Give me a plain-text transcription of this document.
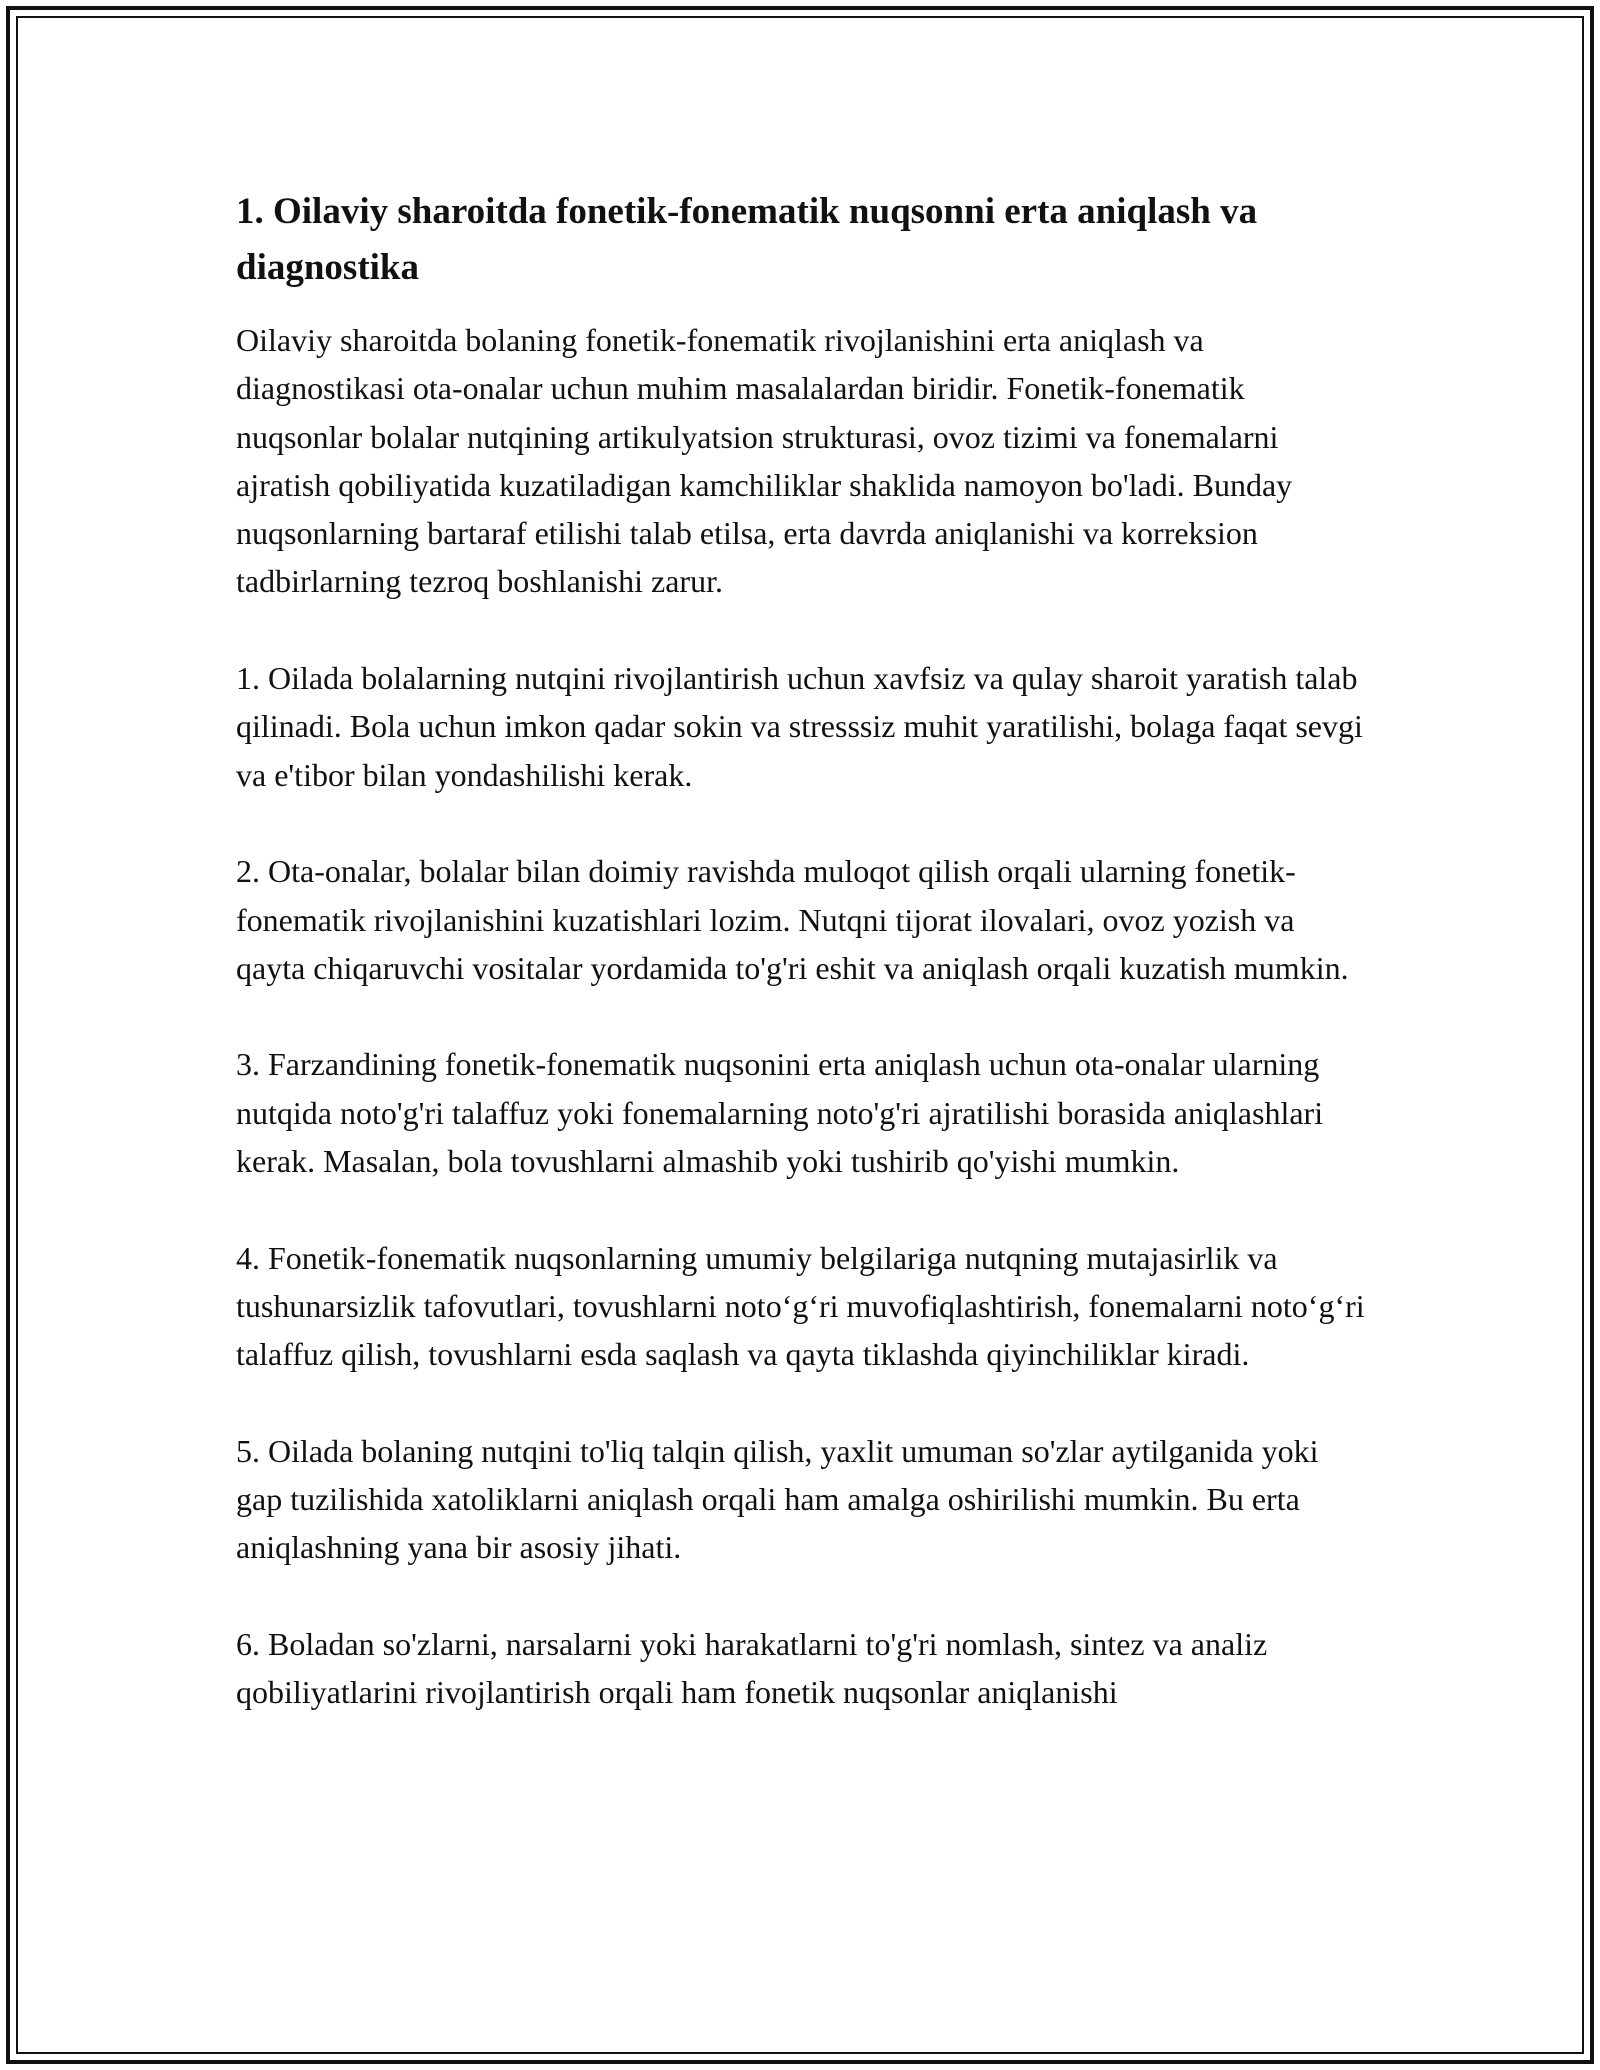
1. Oilaviy sharoitda fonetik-fonematik nuqsonni erta aniqlash va diagnostika

Oilaviy sharoitda bolaning fonetik-fonematik rivojlanishini erta aniqlash va diagnostikasi ota-onalar uchun muhim masalalardan biridir. Fonetik-fonematik nuqsonlar bolalar nutqining artikulyatsion strukturasi, ovoz tizimi va fonemalarni ajratish qobiliyatida kuzatiladigan kamchiliklar shaklida namoyon bo'ladi. Bunday nuqsonlarning bartaraf etilishi talab etilsa, erta davrda aniqlanishi va korreksion tadbirlarning tezroq boshlanishi zarur.

1. Oilada bolalarning nutqini rivojlantirish uchun xavfsiz va qulay sharoit yaratish talab qilinadi. Bola uchun imkon qadar sokin va stresssiz muhit yaratilishi, bolaga faqat sevgi va e'tibor bilan yondashilishi kerak.

2. Ota-onalar, bolalar bilan doimiy ravishda muloqot qilish orqali ularning fonetik-fonematik rivojlanishini kuzatishlari lozim. Nutqni tijorat ilovalari, ovoz yozish va qayta chiqaruvchi vositalar yordamida to'g'ri eshit va aniqlash orqali kuzatish mumkin.

3. Farzandining fonetik-fonematik nuqsonini erta aniqlash uchun ota-onalar ularning nutqida noto'g'ri talaffuz yoki fonemalarning noto'g'ri ajratilishi borasida aniqlashlari kerak. Masalan, bola tovushlarni almashib yoki tushirib qo'yishi mumkin.

4. Fonetik-fonematik nuqsonlarning umumiy belgilariga nutqning mutajasirlik va tushunarsizlik tafovutlari, tovushlarni noto‘g‘ri muvofiqlashtirish, fonemalarni noto‘g‘ri talaffuz qilish, tovushlarni esda saqlash va qayta tiklashda qiyinchiliklar kiradi.

5. Oilada bolaning nutqini to'liq talqin qilish, yaxlit umuman so'zlar aytilganida yoki gap tuzilishida xatoliklarni aniqlash orqali ham amalga oshirilishi mumkin. Bu erta aniqlashning yana bir asosiy jihati.

6. Boladan so'zlarni, narsalarni yoki harakatlarni to'g'ri nomlash, sintez va analiz qobiliyatlarini rivojlantirish orqali ham fonetik nuqsonlar aniqlanishi
